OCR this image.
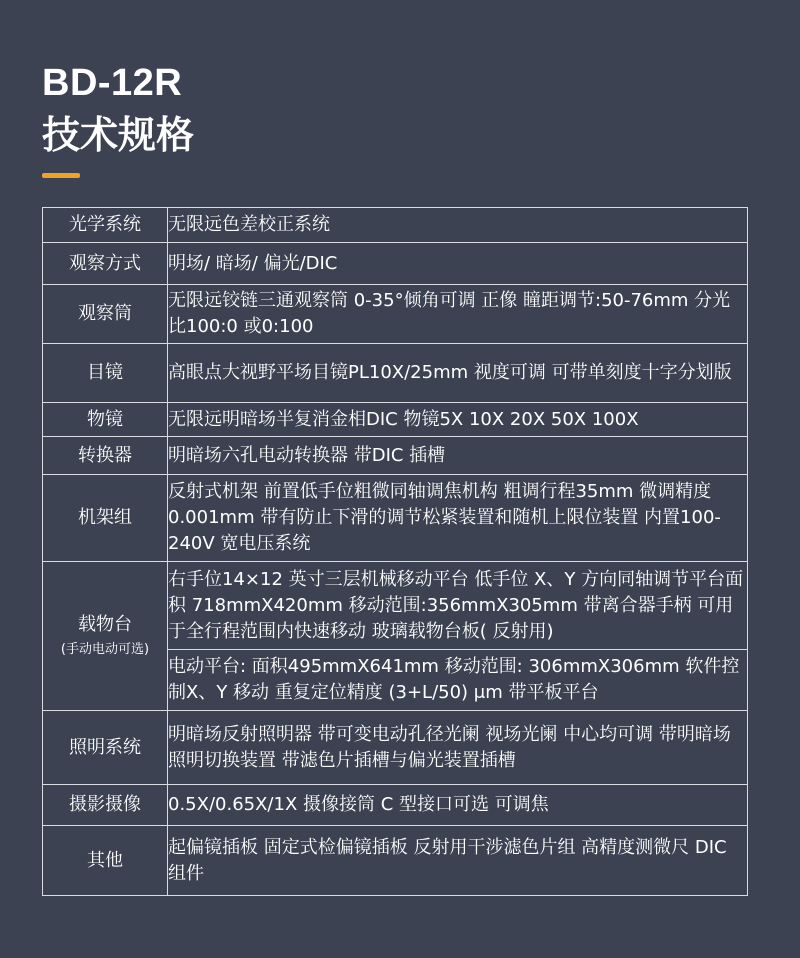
BD-12R
技术规格
光学系统	无限远色差校正系统
观察方式	明场/ 暗场/ 偏光/DIC
观察筒	无限远铰链三通观察筒 0-35°倾角可调 正像 瞳距调节:50-76mm 分光比100:0 或0:100
目镜	高眼点大视野平场目镜PL10X/25mm 视度可调 可带单刻度十字分划版
物镜	无限远明暗场半复消金相DIC 物镜5X 10X 20X 50X 100X
转换器	明暗场六孔电动转换器 带DIC 插槽
机架组	反射式机架 前置低手位粗微同轴调焦机构 粗调行程35mm 微调精度0.001mm 带有防止下滑的调节松紧装置和随机上限位装置 内置100-240V 宽电压系统

载物台
(手动电动可选)	右手位14×12 英寸三层机械移动平台 低手位 X、Y 方向同轴调节平台面积 718mmX420mm 移动范围:356mmX305mm 带离合器手柄 可用于全行程范围内快速移动 玻璃载物台板( 反射用)
	电动平台: 面积495mmX641mm 移动范围: 306mmX306mm 软件控制X、Y 移动 重复定位精度 (3+L/50) μm 带平板平台
照明系统	明暗场反射照明器 带可变电动孔径光阑 视场光阑 中心均可调 带明暗场照明切换装置 带滤色片插槽与偏光装置插槽
摄影摄像	0.5X/0.65X/1X 摄像接筒 C 型接口可选 可调焦
其他	起偏镜插板 固定式检偏镜插板 反射用干涉滤色片组 高精度测微尺 DIC 组件
